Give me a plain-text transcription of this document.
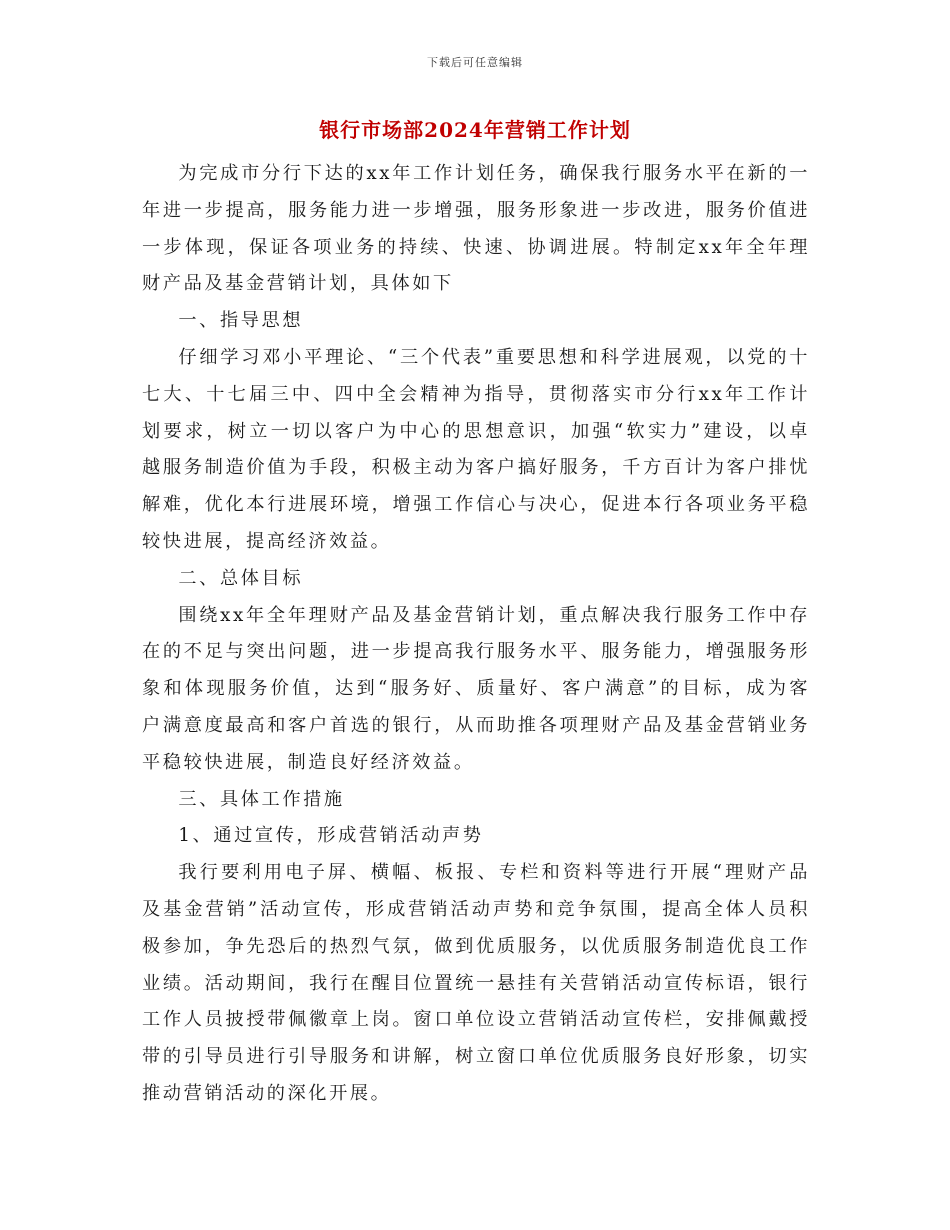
下载后可任意编辑
银行市场部2024年营销工作计划

为完成市分行下达的xx年工作计划任务，确保我行服务水平在新的一年进一步提高，服务能力进一步增强，服务形象进一步改进，服务价值进一步体现，保证各项业务的持续、快速、协调进展。特制定xx年全年理财产品及基金营销计划，具体如下

一、指导思想

仔细学习邓小平理论、“三个代表”重要思想和科学进展观，以党的十七大、十七届三中、四中全会精神为指导，贯彻落实市分行xx年工作计划要求，树立一切以客户为中心的思想意识，加强“软实力”建设，以卓越服务制造价值为手段，积极主动为客户搞好服务，千方百计为客户排忧解难，优化本行进展环境，增强工作信心与决心，促进本行各项业务平稳较快进展，提高经济效益。

二、总体目标

围绕xx年全年理财产品及基金营销计划，重点解决我行服务工作中存在的不足与突出问题，进一步提高我行服务水平、服务能力，增强服务形象和体现服务价值，达到“服务好、质量好、客户满意”的目标，成为客户满意度最高和客户首选的银行，从而助推各项理财产品及基金营销业务平稳较快进展，制造良好经济效益。

三、具体工作措施

1、通过宣传，形成营销活动声势

我行要利用电子屏、横幅、板报、专栏和资料等进行开展“理财产品及基金营销”活动宣传，形成营销活动声势和竞争氛围，提高全体人员积极参加，争先恐后的热烈气氛，做到优质服务，以优质服务制造优良工作业绩。活动期间，我行在醒目位置统一悬挂有关营销活动宣传标语，银行工作人员披授带佩徽章上岗。窗口单位设立营销活动宣传栏，安排佩戴授带的引导员进行引导服务和讲解，树立窗口单位优质服务良好形象，切实推动营销活动的深化开展。
